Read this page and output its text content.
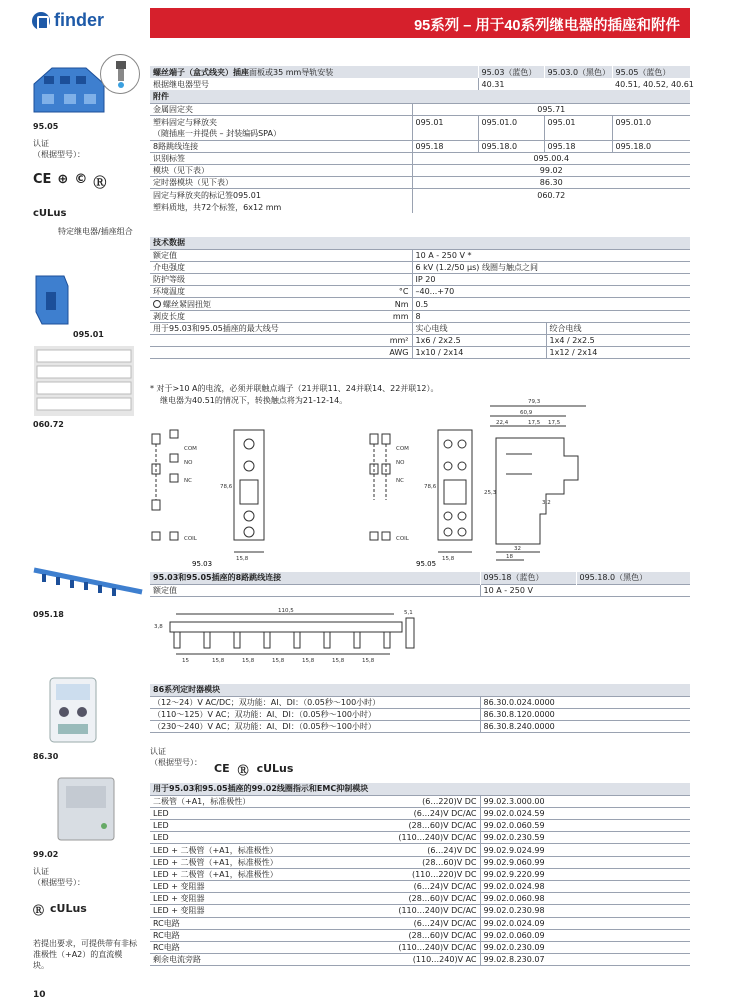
finder	95系列 – 用于40系列继电器的插座和附件
95.05
认证
（根据型号）：
CE ⊕ © Ⓡ
cULus
特定继电器/插座组合
095.01
060.72
095.18
86.30
99.02
认证
（根据型号）：
Ⓡ cULus
若提出要求，可提供带有非标准极性（+A2）的直流模块。
10
螺丝端子（盒式线夹）插座面板或35 mm导轨安装	95.03（蓝色）	95.03.0（黑色）	95.05（蓝色）
根据继电器型号	40.31		40.51, 40.52, 40.61
附件			
金属固定夹	095.71			
塑料固定与释放夹	095.01	095.01.0	095.01	095.01.0
（随插座一并提供 – 封装编码SPA）				
8路跳线连接	095.18	095.18.0	095.18	095.18.0
识别标签	095.00.4			
模块（见下表）	99.02			
定时器模块（见下表）	86.30			
固定与释放夹的标记签095.01	060.72			
塑料质地，共72个标签，6x12 mm				
技术数据			
额定值		10 A - 250 V *	
介电强度		6 kV (1.2/50 μs) 线圈与触点之间	
防护等级		IP 20	
环境温度	°C	–40...+70	
螺丝紧固扭矩	Nm	0.5	
剥皮长度	mm	8	
用于95.03和95.05插座的最大线号		实心电线	绞合电线
	mm²	1x6 / 2x2.5	1x4 / 2x2.5
	AWG	1x10 / 2x14	1x12 / 2x14
* 对于>10 A的电流，必须并联触点端子（21并联11、24并联14、22并联12）。
继电器为40.51的情况下，转换触点将为21-12-14。
COM
NO
NC
COIL
78,6
15,8
95.03
COM
NO
NC
COIL
78,6
15,8
95.05
79,3
60,9
22,4	17,5 17,5
25,3
32
18
3,2
95.03和95.05插座的8路跳线连接	095.18（蓝色）	095.18.0（黑色）
额定值	10 A - 250 V	
110,5
15	15,8	15,8	15,8	15,8	15,8	15,8
5,1
3,8
86系列定时器模块	
（12～24）V AC/DC；双功能：AI、DI：（0.05秒～100小时）	86.30.0.024.0000
（110～125）V AC；双功能：AI、DI：（0.05秒～100小时）	86.30.8.120.0000
（230～240）V AC；双功能：AI、DI：（0.05秒～100小时）	86.30.8.240.0000
认证
（根据型号）： CE Ⓡ cULus
用于95.03和95.05插座的99.02线圈指示和EMC抑制模块		
二极管（+A1，标准极性）	(6…220)V DC	99.02.3.000.00
LED	(6…24)V DC/AC	99.02.0.024.59
LED	(28…60)V DC/AC	99.02.0.060.59
LED	(110…240)V DC/AC	99.02.0.230.59
LED + 二极管（+A1，标准极性）	(6…24)V DC	99.02.9.024.99
LED + 二极管（+A1，标准极性）	(28…60)V DC	99.02.9.060.99
LED + 二极管（+A1，标准极性）	(110…220)V DC	99.02.9.220.99
LED + 变阻器	(6…24)V DC/AC	99.02.0.024.98
LED + 变阻器	(28…60)V DC/AC	99.02.0.060.98
LED + 变阻器	(110…240)V DC/AC	99.02.0.230.98
RC电路	(6…24)V DC/AC	99.02.0.024.09
RC电路	(28…60)V DC/AC	99.02.0.060.09
RC电路	(110…240)V DC/AC	99.02.0.230.09
剩余电流旁路	(110…240)V AC	99.02.8.230.07
